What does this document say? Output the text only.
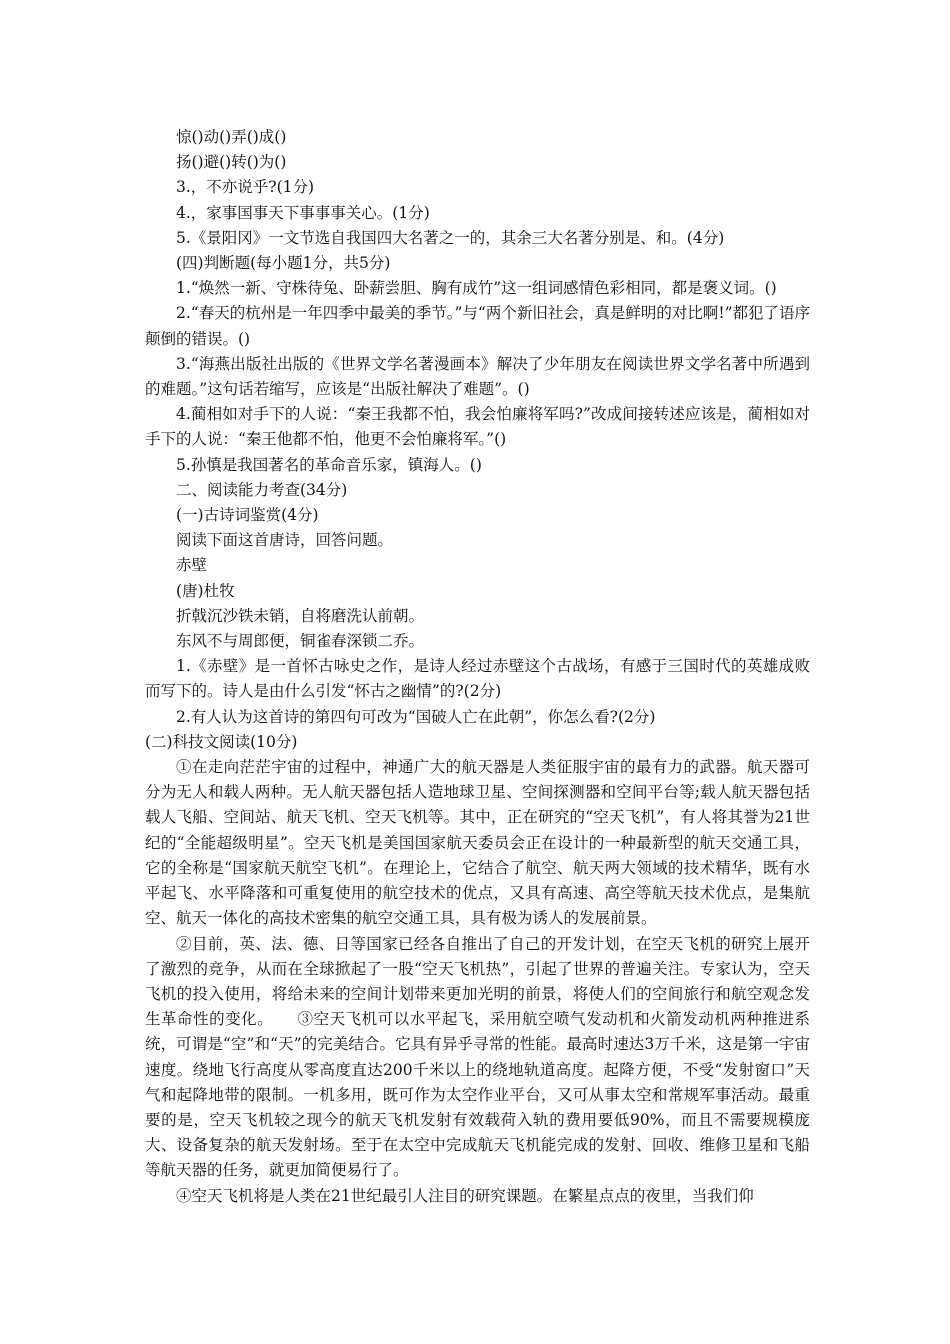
惊()动()弄()成()

扬()避()转()为()

3.，不亦说乎?(1分)

4.，家事国事天下事事事关心。(1分)

5.《景阳冈》一文节选自我国四大名著之一的，其余三大名著分别是、和。(4分)

(四)判断题(每小题1分，共5分)

1.“焕然一新、守株待兔、卧薪尝胆、胸有成竹”这一组词感情色彩相同，都是褒义词。()

2.“春天的杭州是一年四季中最美的季节。”与“两个新旧社会，真是鲜明的对比啊!”都犯了语序颠倒的错误。()

3.“海燕出版社出版的《世界文学名著漫画本》解决了少年朋友在阅读世界文学名著中所遇到的难题。”这句话若缩写，应该是“出版社解决了难题”。()

4.蔺相如对手下的人说：“秦王我都不怕，我会怕廉将军吗?”改成间接转述应该是，蔺相如对手下的人说：“秦王他都不怕，他更不会怕廉将军。”()

5.孙慎是我国著名的革命音乐家，镇海人。()

二、阅读能力考查(34分)

(一)古诗词鉴赏(4分)

阅读下面这首唐诗，回答问题。

赤壁

(唐)杜牧

折戟沉沙铁未销，自将磨洗认前朝。

东风不与周郎便，铜雀春深锁二乔。

1.《赤壁》是一首怀古咏史之作，是诗人经过赤壁这个古战场，有感于三国时代的英雄成败而写下的。诗人是由什么引发“怀古之幽情”的?(2分)

2.有人认为这首诗的第四句可改为“国破人亡在此朝”，你怎么看?(2分)

(二)科技文阅读(10分)

①在走向茫茫宇宙的过程中，神通广大的航天器是人类征服宇宙的最有力的武器。航天器可分为无人和载人两种。无人航天器包括人造地球卫星、空间探测器和空间平台等;载人航天器包括载人飞船、空间站、航天飞机、空天飞机等。其中，正在研究的“空天飞机”，有人将其誉为21世纪的“全能超级明星”。空天飞机是美国国家航天委员会正在设计的一种最新型的航天交通工具，它的全称是“国家航天航空飞机”。在理论上，它结合了航空、航天两大领域的技术精华，既有水平起飞、水平降落和可重复使用的航空技术的优点，又具有高速、高空等航天技术优点，是集航空、航天一体化的高技术密集的航空交通工具，具有极为诱人的发展前景。

②目前，英、法、德、日等国家已经各自推出了自己的开发计划，在空天飞机的研究上展开了激烈的竞争，从而在全球掀起了一股“空天飞机热”，引起了世界的普遍关注。专家认为，空天飞机的投入使用，将给未来的空间计划带来更加光明的前景，将使人们的空间旅行和航空观念发生革命性的变化。　　③空天飞机可以水平起飞，采用航空喷气发动机和火箭发动机两种推进系统，可谓是“空”和“天”的完美结合。它具有异乎寻常的性能。最高时速达3万千米，这是第一宇宙速度。绕地飞行高度从零高度直达200千米以上的绕地轨道高度。起降方便，不受“发射窗口”天气和起降地带的限制。一机多用，既可作为太空作业平台，又可从事太空和常规军事活动。最重要的是，空天飞机较之现今的航天飞机发射有效载荷入轨的费用要低90%，而且不需要规模庞大、设备复杂的航天发射场。至于在太空中完成航天飞机能完成的发射、回收、维修卫星和飞船等航天器的任务，就更加简便易行了。

④空天飞机将是人类在21世纪最引人注目的研究课题。在繁星点点的夜里，当我们仰
